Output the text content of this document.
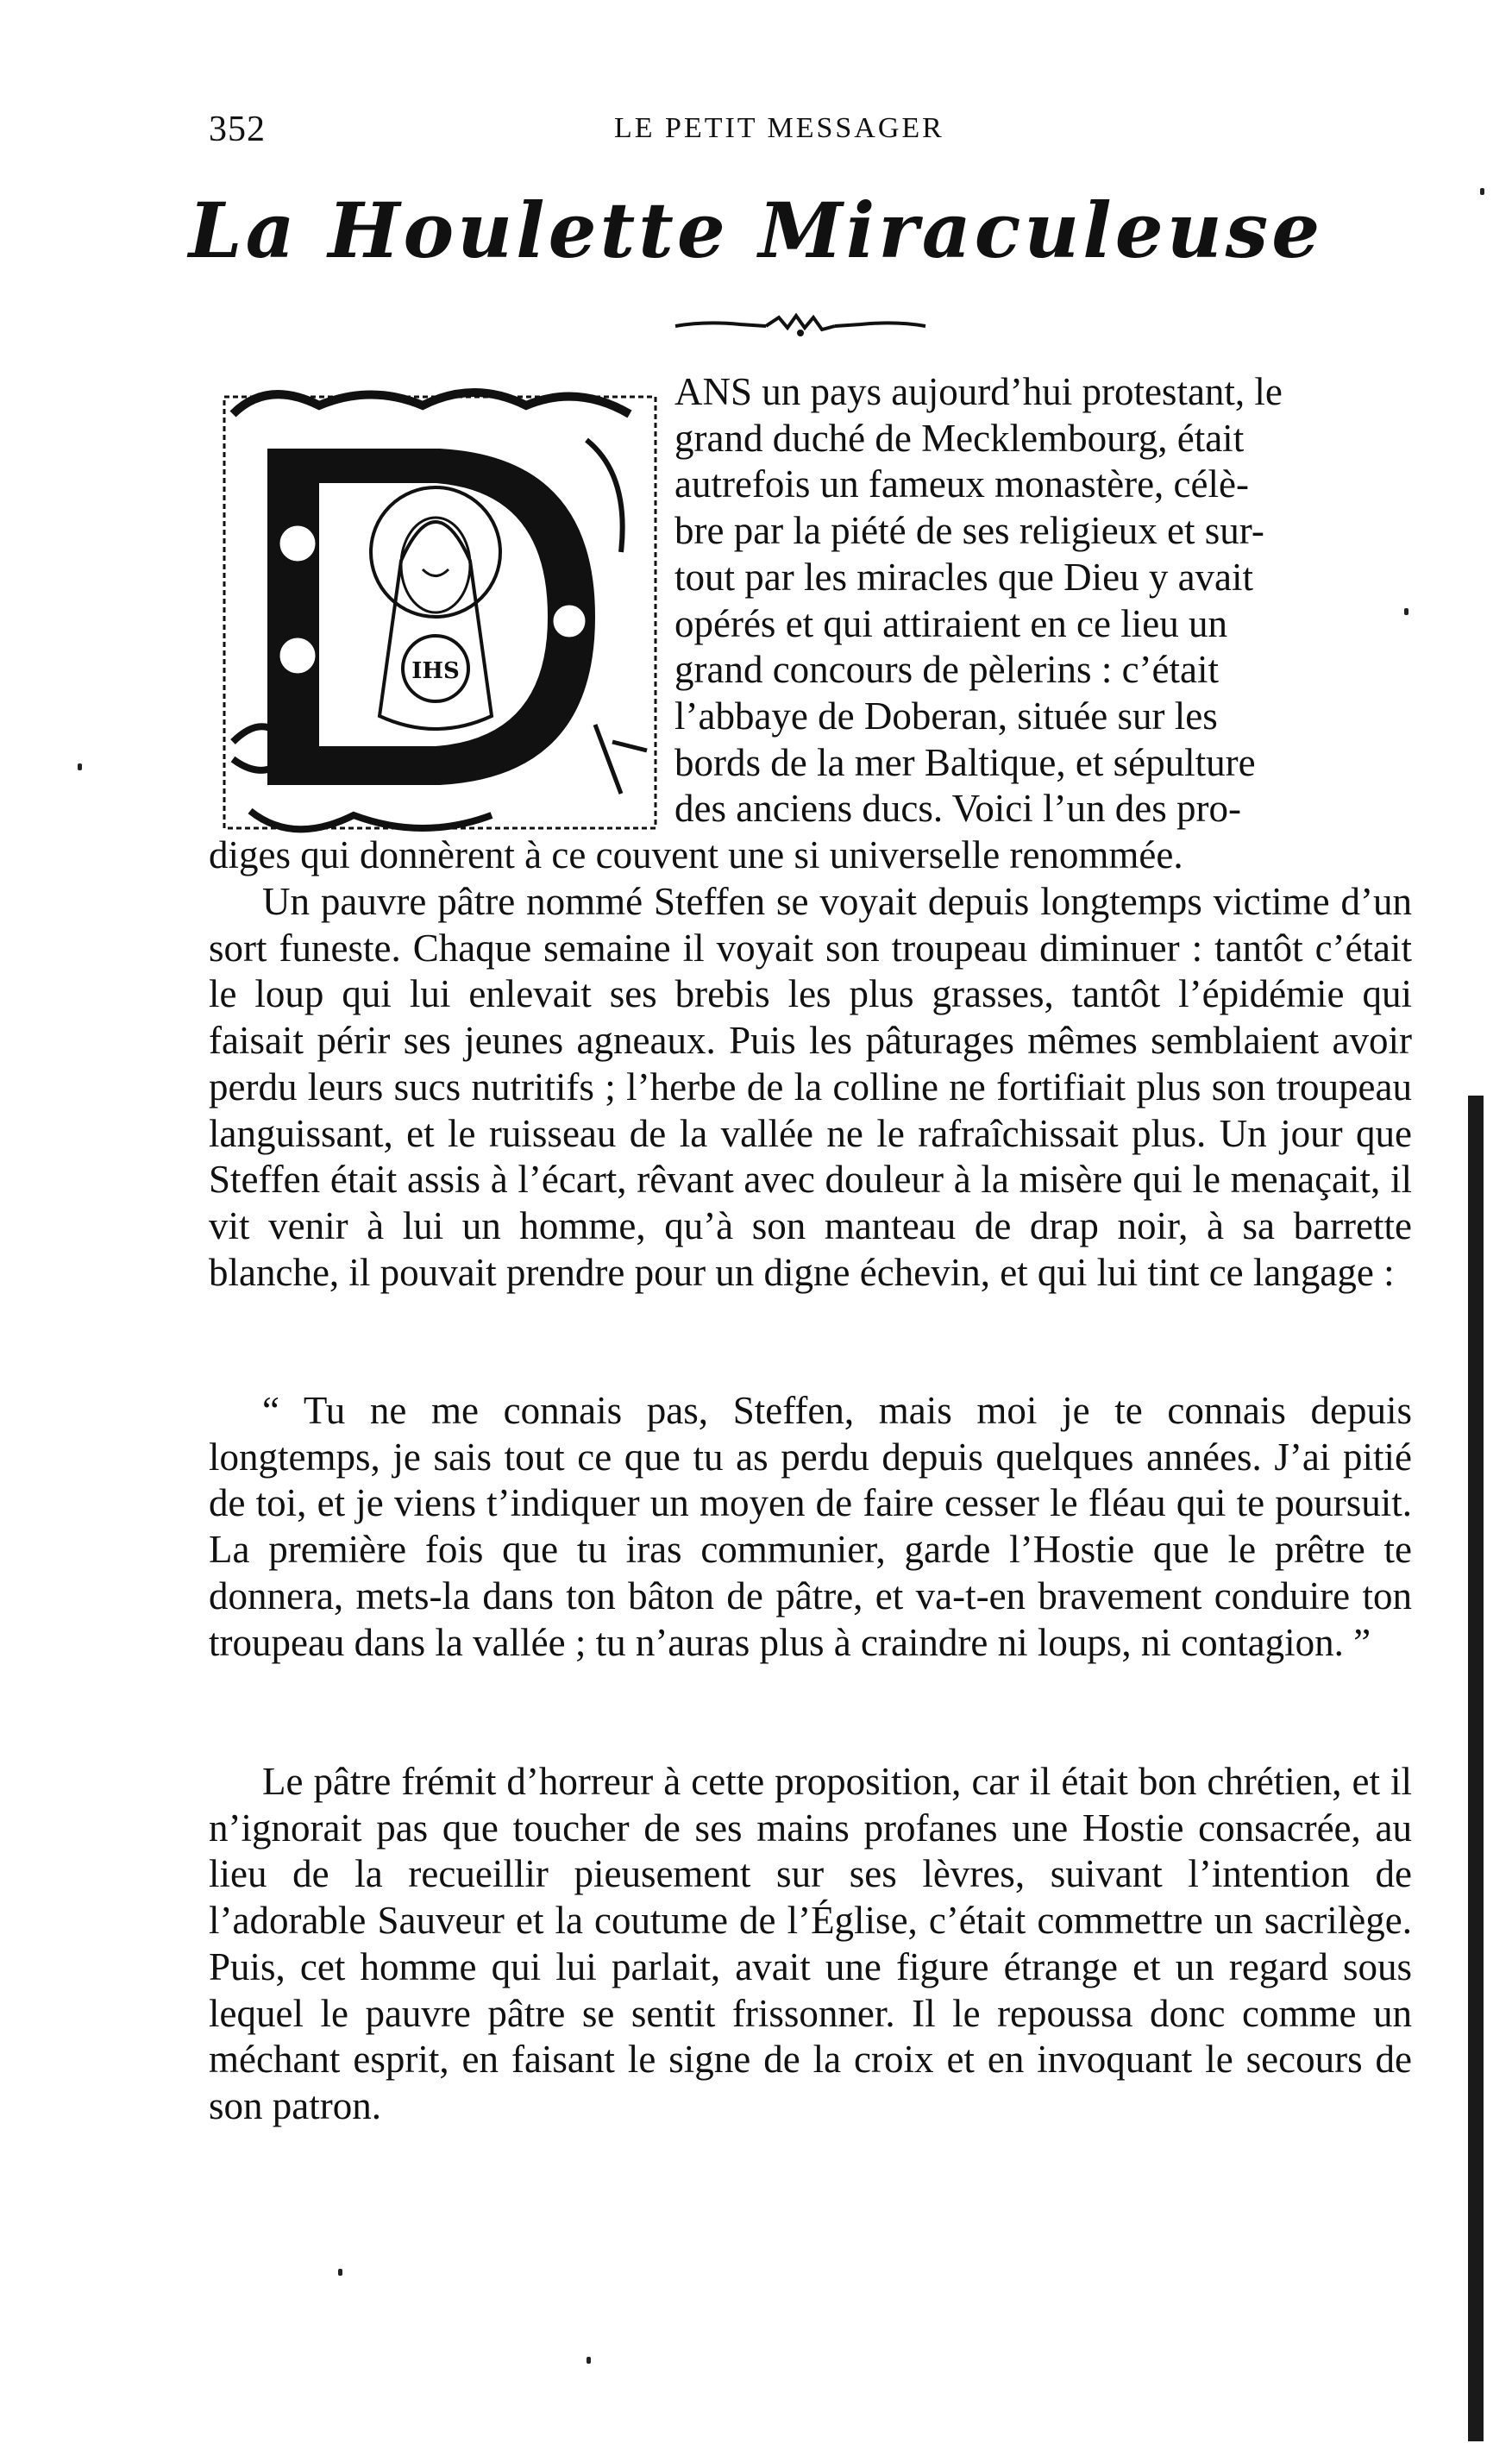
352	LE PETIT MESSAGER
La Houlette Miraculeuse
IHS
ANS un pays aujourd’hui protestant, le
grand duché de Mecklembourg, était
autrefois un fameux monastère, célè-
bre par la piété de ses religieux et sur-
tout par les miracles que Dieu y avait
opérés et qui attiraient en ce lieu un
grand concours de pèlerins : c’était
l’abbaye de Doberan, située sur les
bords de la mer Baltique, et sépulture
des anciens ducs. Voici l’un des pro-

diges qui donnèrent à ce couvent une si universelle renommée.

Un pauvre pâtre nommé Steffen se voyait depuis longtemps victime d’un sort funeste. Chaque semaine il voyait son troupeau diminuer : tantôt c’était le loup qui lui enlevait ses brebis les plus grasses, tantôt l’épidémie qui faisait périr ses jeunes agneaux. Puis les pâturages mêmes semblaient avoir perdu leurs sucs nutritifs ; l’herbe de la colline ne fortifiait plus son troupeau languissant, et le ruisseau de la vallée ne le rafraîchissait plus. Un jour que Steffen était assis à l’écart, rêvant avec douleur à la misère qui le menaçait, il vit venir à lui un homme, qu’à son manteau de drap noir, à sa barrette blanche, il pouvait prendre pour un digne échevin, et qui lui tint ce langage :

“ Tu ne me connais pas, Steffen, mais moi je te connais depuis longtemps, je sais tout ce que tu as perdu depuis quelques années. J’ai pitié de toi, et je viens t’indiquer un moyen de faire cesser le fléau qui te poursuit. La première fois que tu iras communier, garde l’Hostie que le prêtre te donnera, mets-la dans ton bâton de pâtre, et va-t-en bravement conduire ton troupeau dans la vallée ; tu n’auras plus à craindre ni loups, ni contagion. ”

Le pâtre frémit d’horreur à cette proposition, car il était bon chrétien, et il n’ignorait pas que toucher de ses mains profanes une Hostie consacrée, au lieu de la recueillir pieusement sur ses lèvres, suivant l’intention de l’adorable Sauveur et la coutume de l’Église, c’était commettre un sacrilège. Puis, cet homme qui lui parlait, avait une figure étrange et un regard sous lequel le pauvre pâtre se sentit frissonner. Il le repoussa donc comme un méchant esprit, en faisant le signe de la croix et en invoquant le secours de son patron.
